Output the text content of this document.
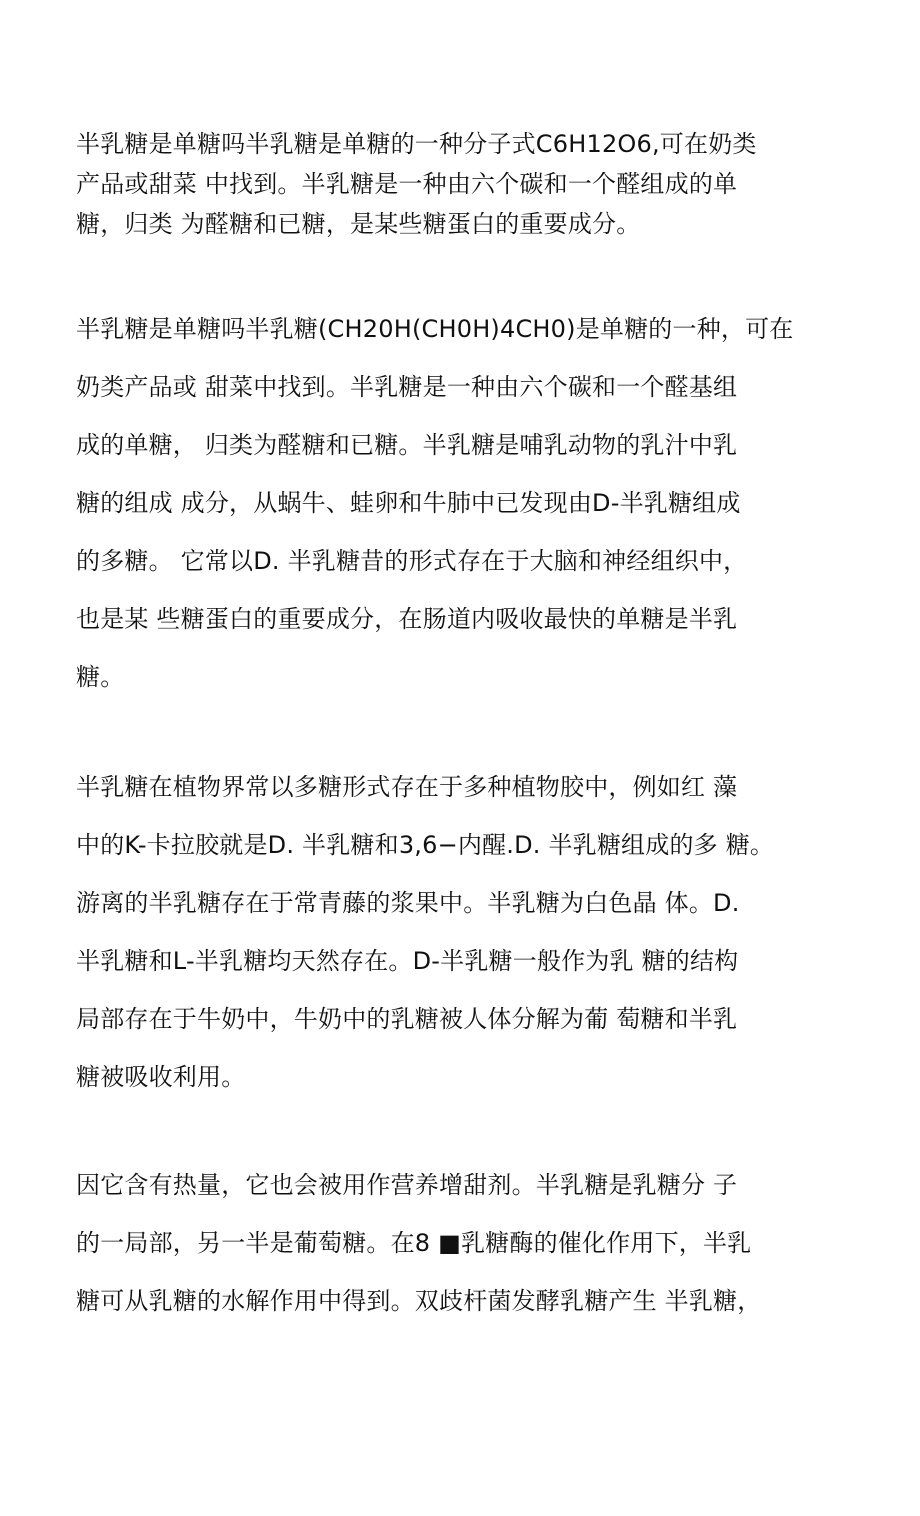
半乳糖是单糖吗半乳糖是单糖的一种分子式C6H12O6,可在奶类
产品或甜菜 中找到。半乳糖是一种由六个碳和一个醛组成的单
糖，归类 为醛糖和已糖，是某些糖蛋白的重要成分。
半乳糖是单糖吗半乳糖(CH20H(CH0H)4CH0)是单糖的一种，可在
奶类产品或 甜菜中找到。半乳糖是一种由六个碳和一个醛基组
成的单糖， 归类为醛糖和已糖。半乳糖是哺乳动物的乳汁中乳
糖的组成 成分，从蜗牛、蛙卵和牛肺中已发现由D-半乳糖组成
的多糖。 它常以D. 半乳糖昔的形式存在于大脑和神经组织中，
也是某 些糖蛋白的重要成分，在肠道内吸收最快的单糖是半乳
糖。
半乳糖在植物界常以多糖形式存在于多种植物胶中，例如红 藻
中的K-卡拉胶就是D. 半乳糖和3,6−内醒.D. 半乳糖组成的多 糖。
游离的半乳糖存在于常青藤的浆果中。半乳糖为白色晶 体。D.
半乳糖和L-半乳糖均天然存在。D-半乳糖一般作为乳 糖的结构
局部存在于牛奶中，牛奶中的乳糖被人体分解为葡 萄糖和半乳
糖被吸收利用。
因它含有热量，它也会被用作营养增甜剂。半乳糖是乳糖分 子
的一局部，另一半是葡萄糖。在8 ■乳糖酶的催化作用下，半乳
糖可从乳糖的水解作用中得到。双歧杆菌发酵乳糖产生 半乳糖，
